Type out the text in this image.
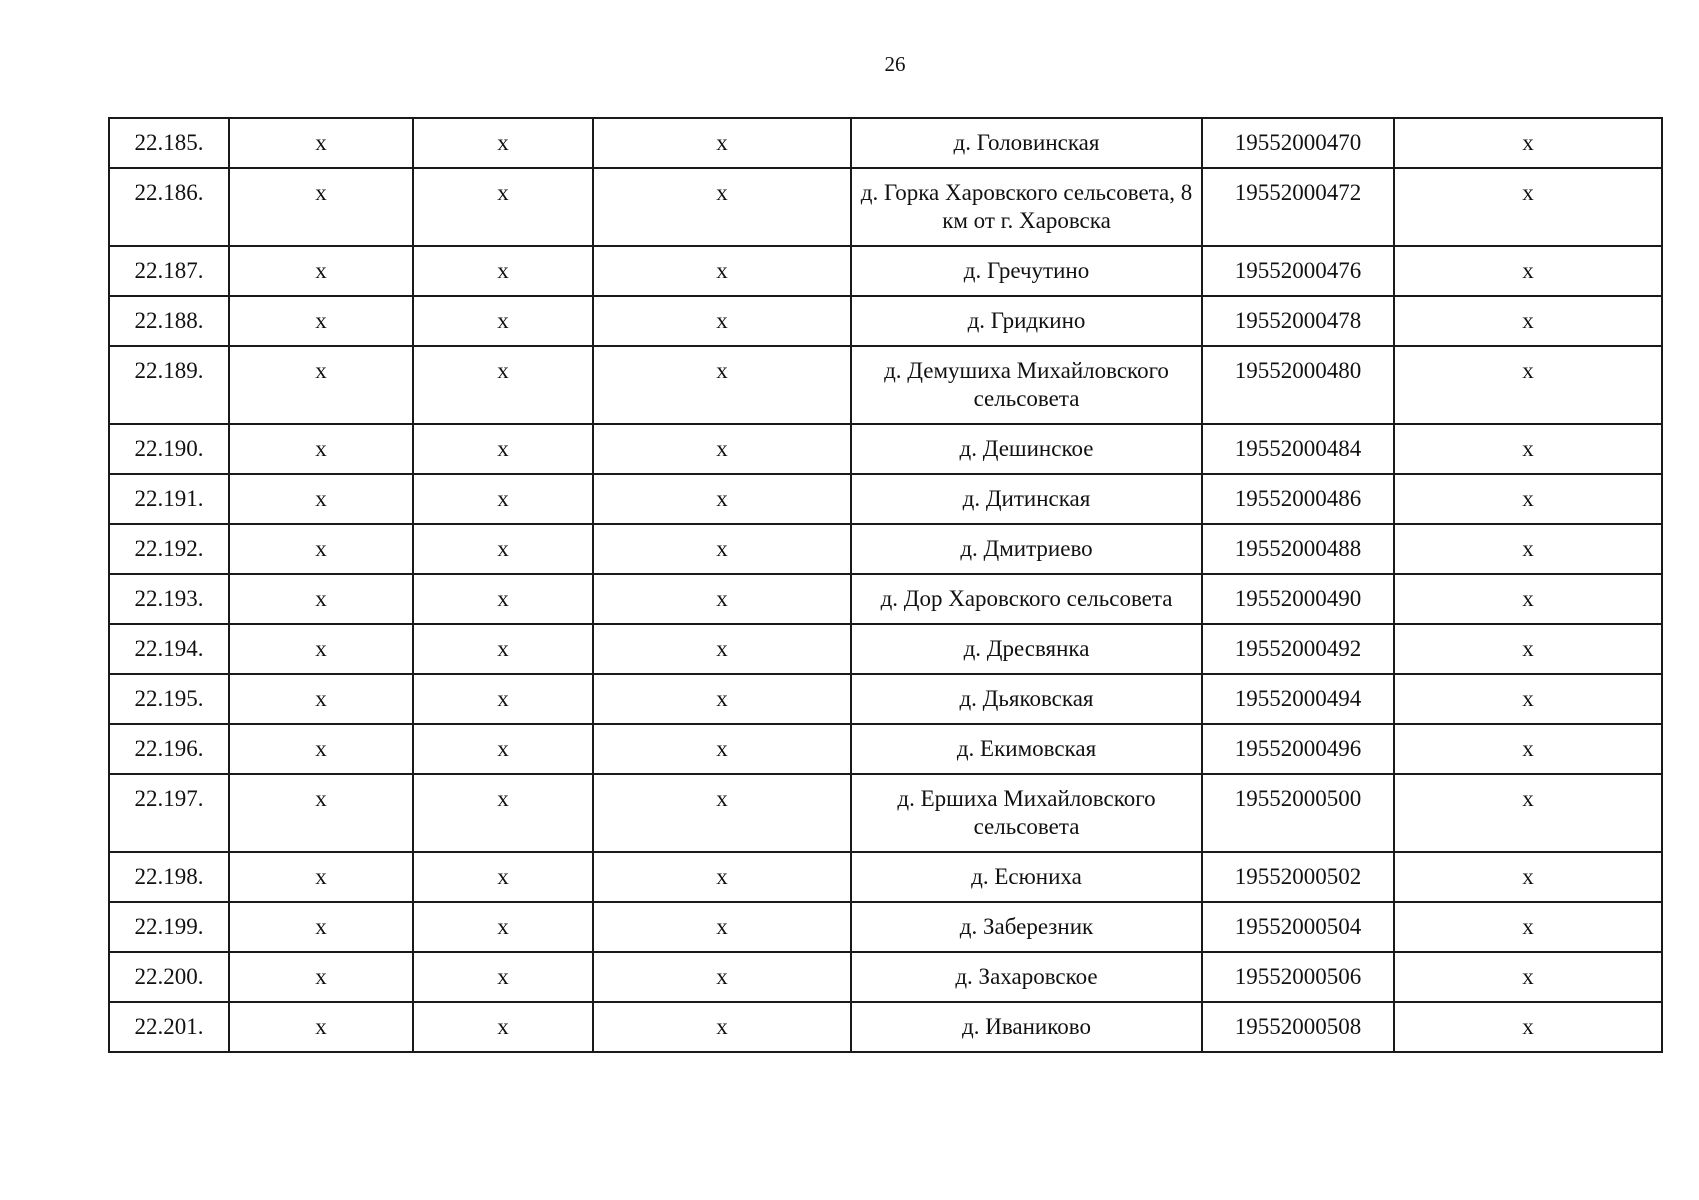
26
22.185.	х	х	х	д. Головинская	19552000470	х
22.186.	х	х	х	д. Горка Харовского сельсовета, 8 км от г. Харовска	19552000472	х
22.187.	х	х	х	д. Гречутино	19552000476	х
22.188.	х	х	х	д. Гридкино	19552000478	х
22.189.	х	х	х	д. Демушиха Михайловского сельсовета	19552000480	х
22.190.	х	х	х	д. Дешинское	19552000484	х
22.191.	х	х	х	д. Дитинская	19552000486	х
22.192.	х	х	х	д. Дмитриево	19552000488	х
22.193.	х	х	х	д. Дор Харовского сельсовета	19552000490	х
22.194.	х	х	х	д. Дресвянка	19552000492	х
22.195.	х	х	х	д. Дьяковская	19552000494	х
22.196.	х	х	х	д. Екимовская	19552000496	х
22.197.	х	х	х	д. Ершиха Михайловского сельсовета	19552000500	х
22.198.	х	х	х	д. Есюниха	19552000502	х
22.199.	х	х	х	д. Заберезник	19552000504	х
22.200.	х	х	х	д. Захаровское	19552000506	х
22.201.	х	х	х	д. Иваниково	19552000508	х
